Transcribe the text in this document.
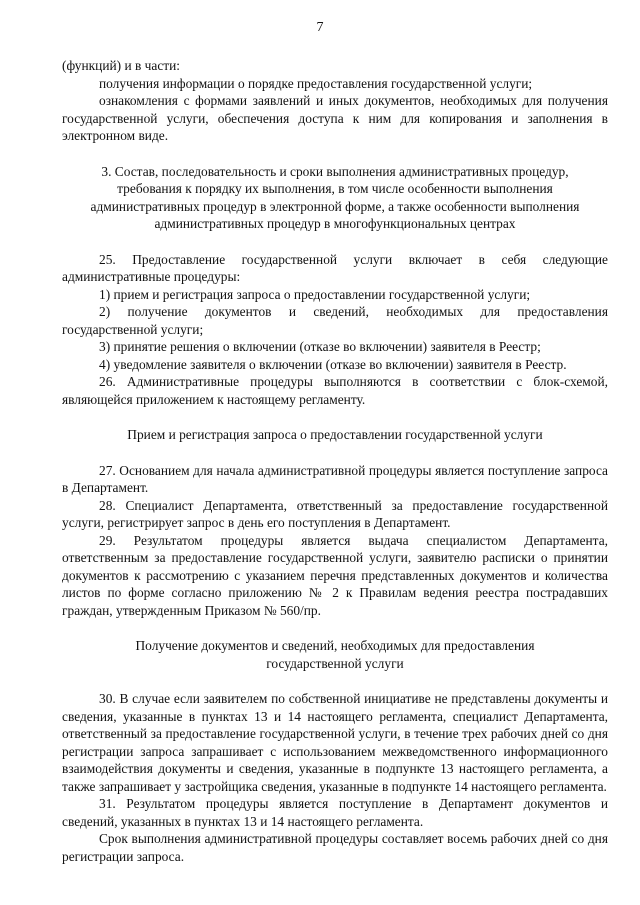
7

(функций) и в части:

получения информации о порядке предоставления государственной услуги;

ознакомления с формами заявлений и иных документов, необходимых для получения государственной услуги, обеспечения доступа к ним для копирования и заполнения в электронном виде.

3. Состав, последовательность и сроки выполнения административных процедур,
требования к порядку их выполнения, в том числе особенности выполнения
административных процедур в электронной форме, а также особенности выполнения
административных процедур в многофункциональных центрах

25. Предоставление государственной услуги включает в себя следующие административные процедуры:

1) прием и регистрация запроса о предоставлении государственной услуги;

2) получение документов и сведений, необходимых для предоставления государственной услуги;

3) принятие решения о включении (отказе во включении) заявителя в Реестр;

4) уведомление заявителя о включении (отказе во включении) заявителя в Реестр.

26. Административные процедуры выполняются в соответствии с блок-схемой, являющейся приложением к настоящему регламенту.

Прием и регистрация запроса о предоставлении государственной услуги

27. Основанием для начала административной процедуры является поступление запроса в Департамент.

28. Специалист Департамента, ответственный за предоставление государственной услуги, регистрирует запрос в день его поступления в Департамент.

29. Результатом процедуры является выдача специалистом Департамента, ответственным за предоставление государственной услуги, заявителю расписки о принятии документов к рассмотрению с указанием перечня представленных документов и количества листов по форме согласно приложению № 2 к Правилам ведения реестра пострадавших граждан, утвержденным Приказом № 560/пр.

Получение документов и сведений, необходимых для предоставления
государственной услуги

30. В случае если заявителем по собственной инициативе не представлены документы и сведения, указанные в пунктах 13 и 14 настоящего регламента, специалист Департамента, ответственный за предоставление государственной услуги, в течение трех рабочих дней со дня регистрации запроса запрашивает с использованием межведомственного информационного взаимодействия документы и сведения, указанные в подпункте 13 настоящего регламента, а также запрашивает у застройщика сведения, указанные в подпункте 14 настоящего регламента.

31. Результатом процедуры является поступление в Департамент документов и сведений, указанных в пунктах 13 и 14 настоящего регламента.

Срок выполнения административной процедуры составляет восемь рабочих дней со дня регистрации запроса.
